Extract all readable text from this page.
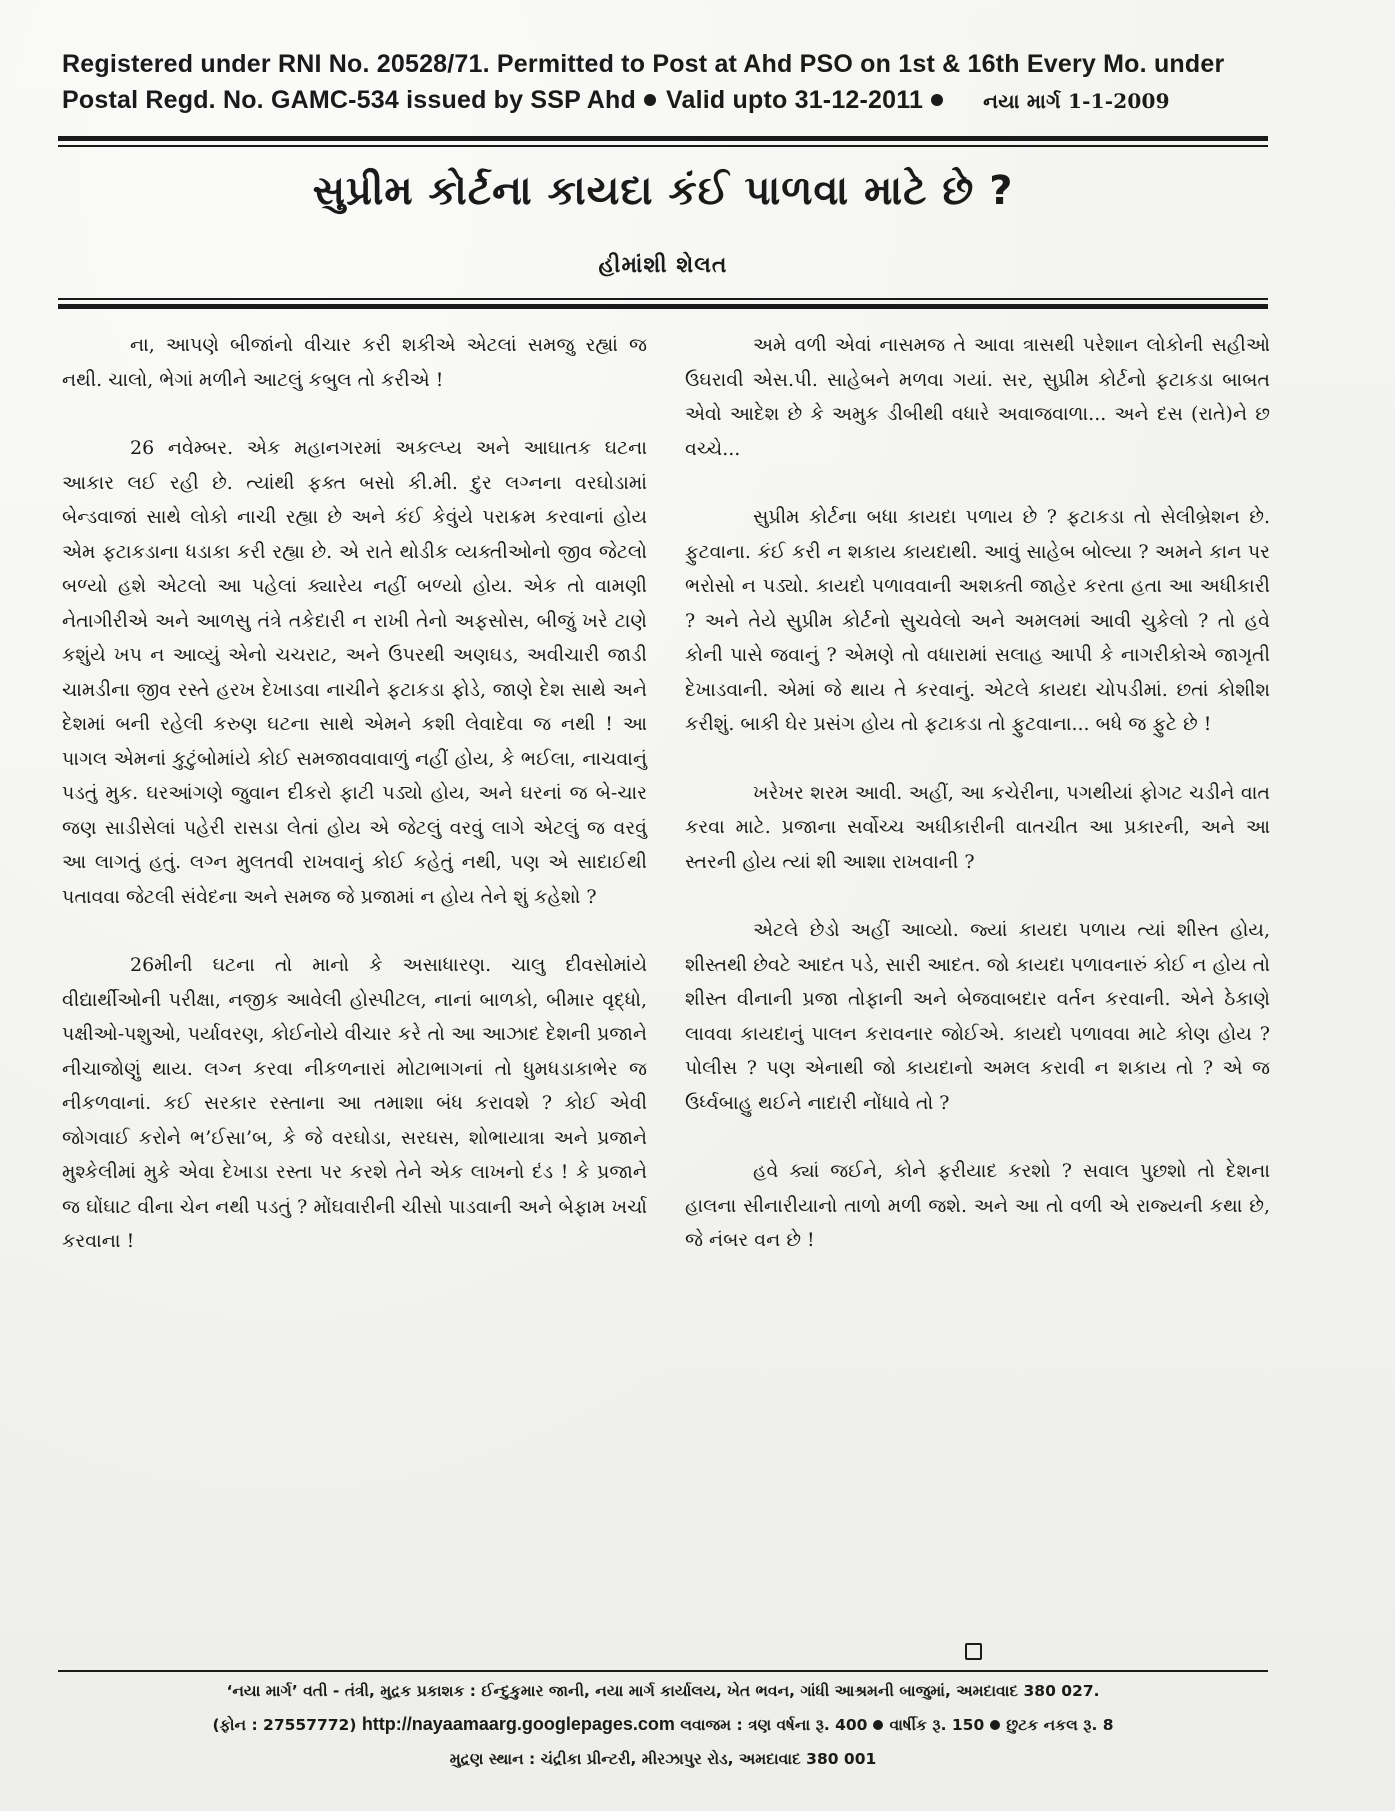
Registered under RNI No. 20528/71. Permitted to Post at Ahd PSO on 1st & 16th Every Mo. under
Postal Regd. No. GAMC-534 issued by SSP Ahd Valid upto 31-12-2011	નયા માર્ગ 1-1-2009
સુપ્રીમ કોર્ટના કાયદા કંઈ પાળવા માટે છે ?
હીમાંશી શેલત

ના, આપણે બીજાંનો વીચાર કરી શકીએ એટલાં સમજુ રહ્યાં જ નથી. ચાલો, ભેગાં મળીને આટલું કબુલ તો કરીએ !

26 નવેમ્બર. એક મહાનગરમાં અકલ્પ્ય અને આઘાતક ઘટના આકાર લઈ રહી છે. ત્યાંથી ફક્ત બસો કી.મી. દુર લગ્નના વરઘોડામાં બેન્ડવાજાં સાથે લોકો નાચી રહ્યા છે અને કંઈ કેવુંયે પરાક્રમ કરવાનાં હોય એમ ફટાકડાના ધડાકા કરી રહ્યા છે. એ રાતે થોડીક વ્યક્તીઓનો જીવ જેટલો બળ્યો હશે એટલો આ પહેલાં ક્યારેય નહીં બળ્યો હોય. એક તો વામણી નેતાગીરીએ અને આળસુ તંત્રે તકેદારી ન રાખી તેનો અફસોસ, બીજું ખરે ટાણે કશુંયે ખપ ન આવ્યું એનો ચચરાટ, અને ઉપરથી અણઘડ, અવીચારી જાડી ચામડીના જીવ રસ્તે હરખ દેખાડવા નાચીને ફટાકડા ફોડે, જાણે દેશ સાથે અને દેશમાં બની રહેલી કરુણ ઘટના સાથે એમને કશી લેવાદેવા જ નથી ! આ પાગલ એમનાં કુટુંબોમાંયે કોઈ સમજાવવાવાળું નહીં હોય, કે ભઈલા, નાચવાનું પડતું મુક. ઘરઆંગણે જુવાન દીકરો ફાટી પડ્યો હોય, અને ઘરનાં જ બે-ચાર જણ સાડીસેલાં પહેરી રાસડા લેતાં હોય એ જેટલું વરવું લાગે એટલું જ વરવું આ લાગતું હતું. લગ્ન મુલતવી રાખવાનું કોઈ કહેતું નથી, પણ એ સાદાઈથી પતાવવા જેટલી સંવેદના અને સમજ જે પ્રજામાં ન હોય તેને શું કહેશો ?

26મીની ઘટના તો માનો કે અસાધારણ. ચાલુ દીવસોમાંયે વીદ્યાર્થીઓની પરીક્ષા, નજીક આવેલી હોસ્પીટલ, નાનાં બાળકો, બીમાર વૃદ્ધો, પક્ષીઓ-પશુઓ, પર્યાવરણ, કોઈનોયે વીચાર કરે તો આ આઝાદ દેશની પ્રજાને નીચાજોણું થાય. લગ્ન કરવા નીકળનારાં મોટાભાગનાં તો ધુમધડાકાભેર જ નીકળવાનાં. કઈ સરકાર રસ્તાના આ તમાશા બંધ કરાવશે ? કોઈ એવી જોગવાઈ કરોને ભ’ઈસા’બ, કે જે વરઘોડા, સરઘસ, શોભાયાત્રા અને પ્રજાને મુશ્કેલીમાં મુકે એવા દેખાડા રસ્તા પર કરશે તેને એક લાખનો દંડ ! કે પ્રજાને જ ઘોંઘાટ વીના ચેન નથી પડતું ? મોંઘવારીની ચીસો પાડવાની અને બેફામ ખર્ચા કરવાના !

અમે વળી એવાં નાસમજ તે આવા ત્રાસથી પરેશાન લોકોની સહીઓ ઉઘરાવી એસ.પી. સાહેબને મળવા ગયાં. સર, સુપ્રીમ કોર્ટનો ફટાકડા બાબત એવો આદેશ છે કે અમુક ડીબીથી વધારે અવાજવાળા... અને દસ (રાતે)ને છ વચ્ચે...

સુપ્રીમ કોર્ટના બધા કાયદા પળાય છે ? ફટાકડા તો સેલીબ્રેશન છે. ફુટવાના. કંઈ કરી ન શકાય કાયદાથી. આવું સાહેબ બોલ્યા ? અમને કાન પર ભરોસો ન પડ્યો. કાયદો પળાવવાની અશક્તી જાહેર કરતા હતા આ અધીકારી ? અને તેયે સુપ્રીમ કોર્ટનો સુચવેલો અને અમલમાં આવી ચુકેલો ? તો હવે કોની પાસે જવાનું ? એમણે તો વધારામાં સલાહ આપી કે નાગરીકોએ જાગૃતી દેખાડવાની. એમાં જે થાય તે કરવાનું. એટલે કાયદા ચોપડીમાં. છતાં કોશીશ કરીશું. બાકી ઘેર પ્રસંગ હોય તો ફટાકડા તો ફુટવાના... બધે જ ફુટે છે !

ખરેખર શરમ આવી. અહીં, આ કચેરીના, પગથીયાં ફોગટ ચડીને વાત કરવા માટે. પ્રજાના સર્વોચ્ચ અધીકારીની વાતચીત આ પ્રકારની, અને આ સ્તરની હોય ત્યાં શી આશા રાખવાની ?

એટલે છેડો અહીં આવ્યો. જ્યાં કાયદા પળાય ત્યાં શીસ્ત હોય, શીસ્તથી છેવટે આદત પડે, સારી આદત. જો કાયદા પળાવનારું કોઈ ન હોય તો શીસ્ત વીનાની પ્રજા તોફાની અને બેજવાબદાર વર્તન કરવાની. એને ઠેકાણે લાવવા કાયદાનું પાલન કરાવનાર જોઈએ. કાયદો પળાવવા માટે કોણ હોય ? પોલીસ ? પણ એનાથી જો કાયદાનો અમલ કરાવી ન શકાય તો ? એ જ ઉર્ધ્વબાહુ થઈને નાદારી નોંધાવે તો ?

હવે ક્યાં જઈને, કોને ફરીયાદ કરશો ? સવાલ પુછશો તો દેશના હાલના સીનારીયાનો તાળો મળી જશે. અને આ તો વળી એ રાજ્યની કથા છે, જે નંબર વન છે !

‘નયા માર્ગ’ વતી - તંત્રી, મુદ્રક પ્રકાશક : ઈન્દુકુમાર જાની, નયા માર્ગ કાર્યાલય, ખેત ભવન, ગાંધી આશ્રમની બાજુમાં, અમદાવાદ 380 027.
(ફોન : 27557772) http://nayaamaarg.googlepages.com લવાજમ : ત્રણ વર્ષના રૂ. 400 વાર્ષીક રૂ. 150 છુટક નકલ રૂ. 8
મુદ્રણ સ્થાન : ચંદ્રીકા પ્રીન્ટરી, મીરઝાપુર રોડ, અમદાવાદ 380 001
